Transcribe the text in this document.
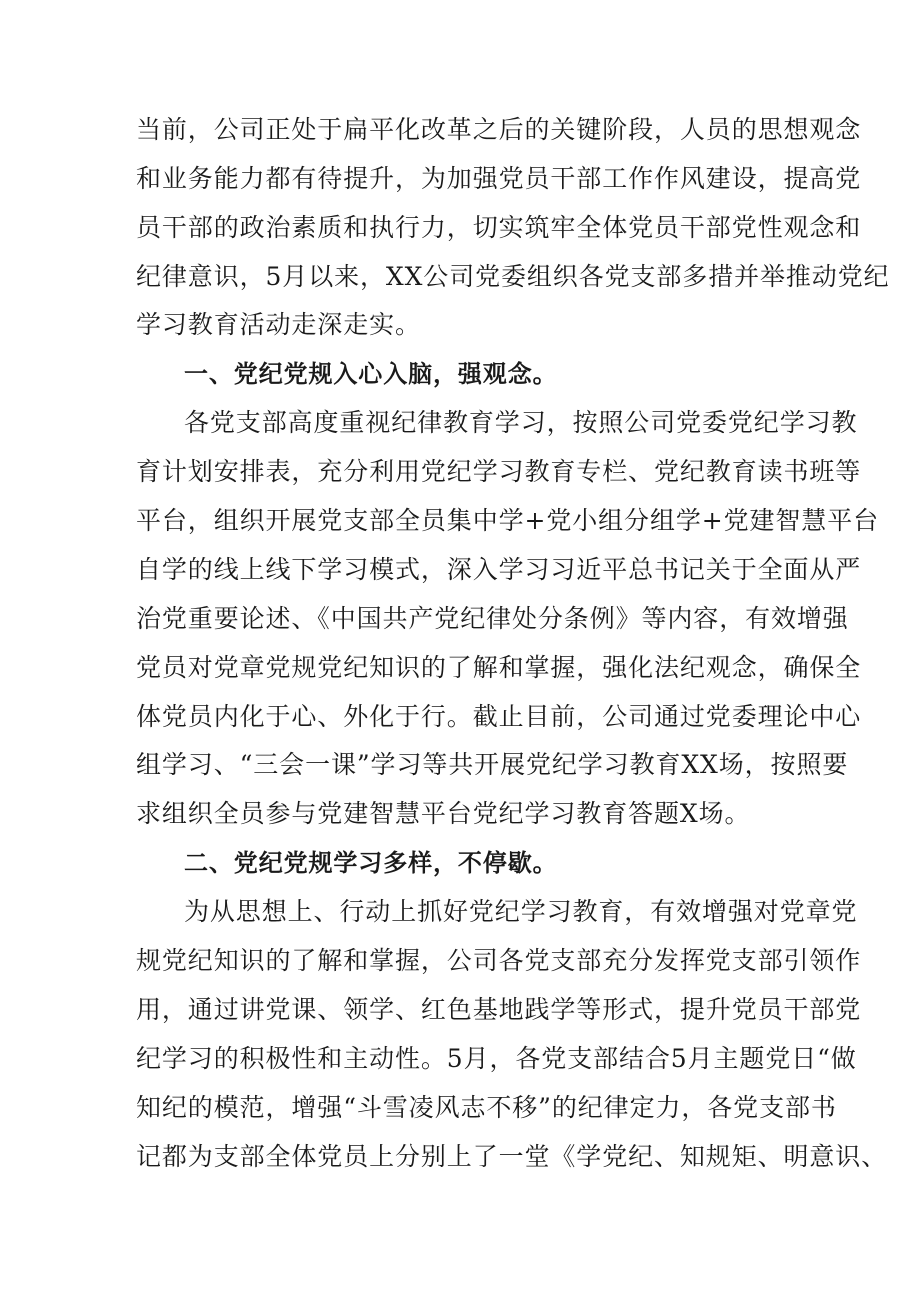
当前，公司正处于扁平化改革之后的关键阶段，人员的思想观念

和业务能力都有待提升，为加强党员干部工作作风建设，提高党

员干部的政治素质和执行力，切实筑牢全体党员干部党性观念和

纪律意识，5月以来，XX公司党委组织各党支部多措并举推动党纪

学习教育活动走深走实。

一、党纪党规入心入脑，强观念。

各党支部高度重视纪律教育学习，按照公司党委党纪学习教

育计划安排表，充分利用党纪学习教育专栏、党纪教育读书班等

平台，组织开展党支部全员集中学+党小组分组学+党建智慧平台

自学的线上线下学习模式，深入学习习近平总书记关于全面从严

治党重要论述、《中国共产党纪律处分条例》等内容，有效增强

党员对党章党规党纪知识的了解和掌握，强化法纪观念，确保全

体党员内化于心、外化于行。截止目前，公司通过党委理论中心

组学习、“三会一课”学习等共开展党纪学习教育XX场，按照要

求组织全员参与党建智慧平台党纪学习教育答题X场。

二、党纪党规学习多样，不停歇。

为从思想上、行动上抓好党纪学习教育，有效增强对党章党

规党纪知识的了解和掌握，公司各党支部充分发挥党支部引领作

用，通过讲党课、领学、红色基地践学等形式，提升党员干部党

纪学习的积极性和主动性。5月，各党支部结合5月主题党日“做

知纪的模范，增强“斗雪凌风志不移”的纪律定力，各党支部书

记都为支部全体党员上分别上了一堂《学党纪、知规矩、明意识、
